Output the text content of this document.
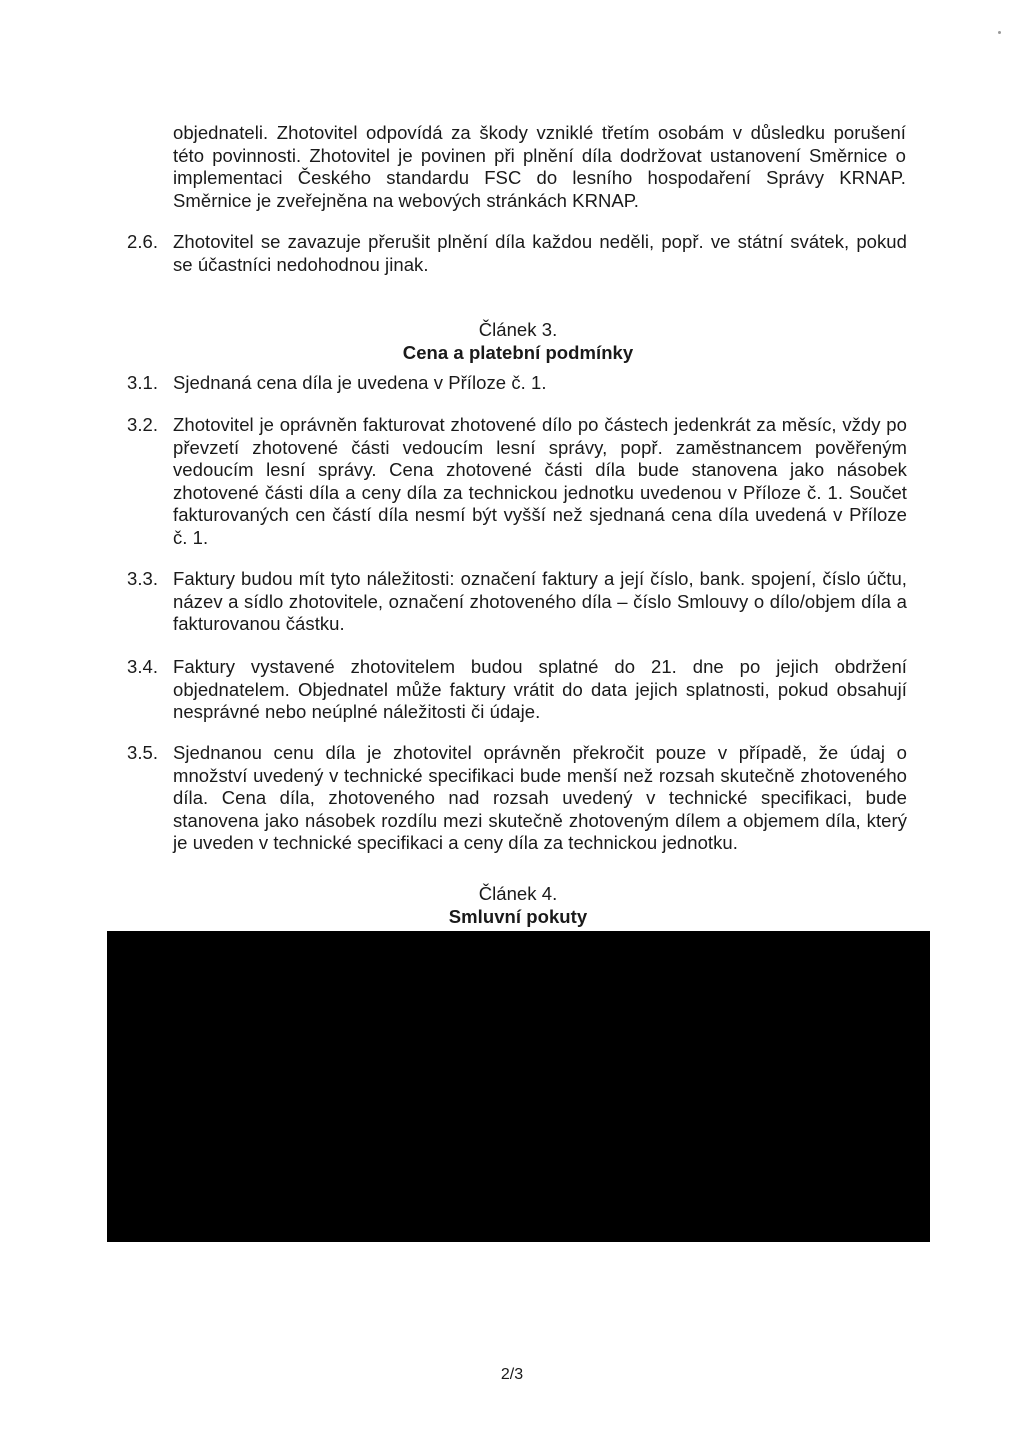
objednateli. Zhotovitel odpovídá za škody vzniklé třetím osobám v důsledku porušení této povinnosti. Zhotovitel je povinen při plnění díla dodržovat ustanovení Směrnice o implementaci Českého standardu FSC do lesního hospodaření Správy KRNAP. Směrnice je zveřejněna na webových stránkách KRNAP.
2.6. Zhotovitel se zavazuje přerušit plnění díla každou neděli, popř. ve státní svátek, pokud se účastníci nedohodnou jinak.
Článek 3.
Cena a platební podmínky
3.1. Sjednaná cena díla je uvedena v Příloze č. 1.
3.2. Zhotovitel je oprávněn fakturovat zhotovené dílo po částech jedenkrát za měsíc, vždy po převzetí zhotovené části vedoucím lesní správy, popř. zaměstnancem pověřeným vedoucím lesní správy. Cena zhotovené části díla bude stanovena jako násobek zhotovené části díla a ceny díla za technickou jednotku uvedenou v Příloze č. 1. Součet fakturovaných cen částí díla nesmí být vyšší než sjednaná cena díla uvedená v Příloze č. 1.
3.3. Faktury budou mít tyto náležitosti: označení faktury a její číslo, bank. spojení, číslo účtu, název a sídlo zhotovitele, označení zhotoveného díla – číslo Smlouvy o dílo/objem díla a fakturovanou částku.
3.4. Faktury vystavené zhotovitelem budou splatné do 21. dne po jejich obdržení objednatelem. Objednatel může faktury vrátit do data jejich splatnosti, pokud obsahují nesprávné nebo neúplné náležitosti či údaje.
3.5. Sjednanou cenu díla je zhotovitel oprávněn překročit pouze v případě, že údaj o množství uvedený v technické specifikaci bude menší než rozsah skutečně zhotoveného díla. Cena díla, zhotoveného nad rozsah uvedený v technické specifikaci, bude stanovena jako násobek rozdílu mezi skutečně zhotoveným dílem a objemem díla, který je uveden v technické specifikaci a ceny díla za technickou jednotku.
Článek 4.
Smluvní pokuty
2/3
